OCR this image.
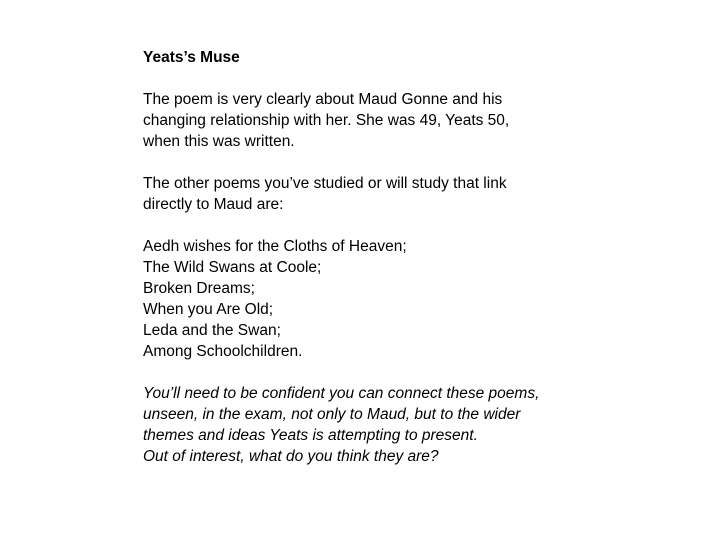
Yeats’s Muse
The poem is very clearly about Maud Gonne and his
changing relationship with her. She was 49, Yeats 50,
when this was written.
The other poems you’ve studied or will study that link
directly to Maud are:
Aedh wishes for the Cloths of Heaven;
The Wild Swans at Coole;
Broken Dreams;
When you Are Old;
Leda and the Swan;
Among Schoolchildren.
You’ll need to be confident you can connect these poems,
unseen, in the exam, not only to Maud, but to the wider
themes and ideas Yeats is attempting to present.
Out of interest, what do you think they are?
